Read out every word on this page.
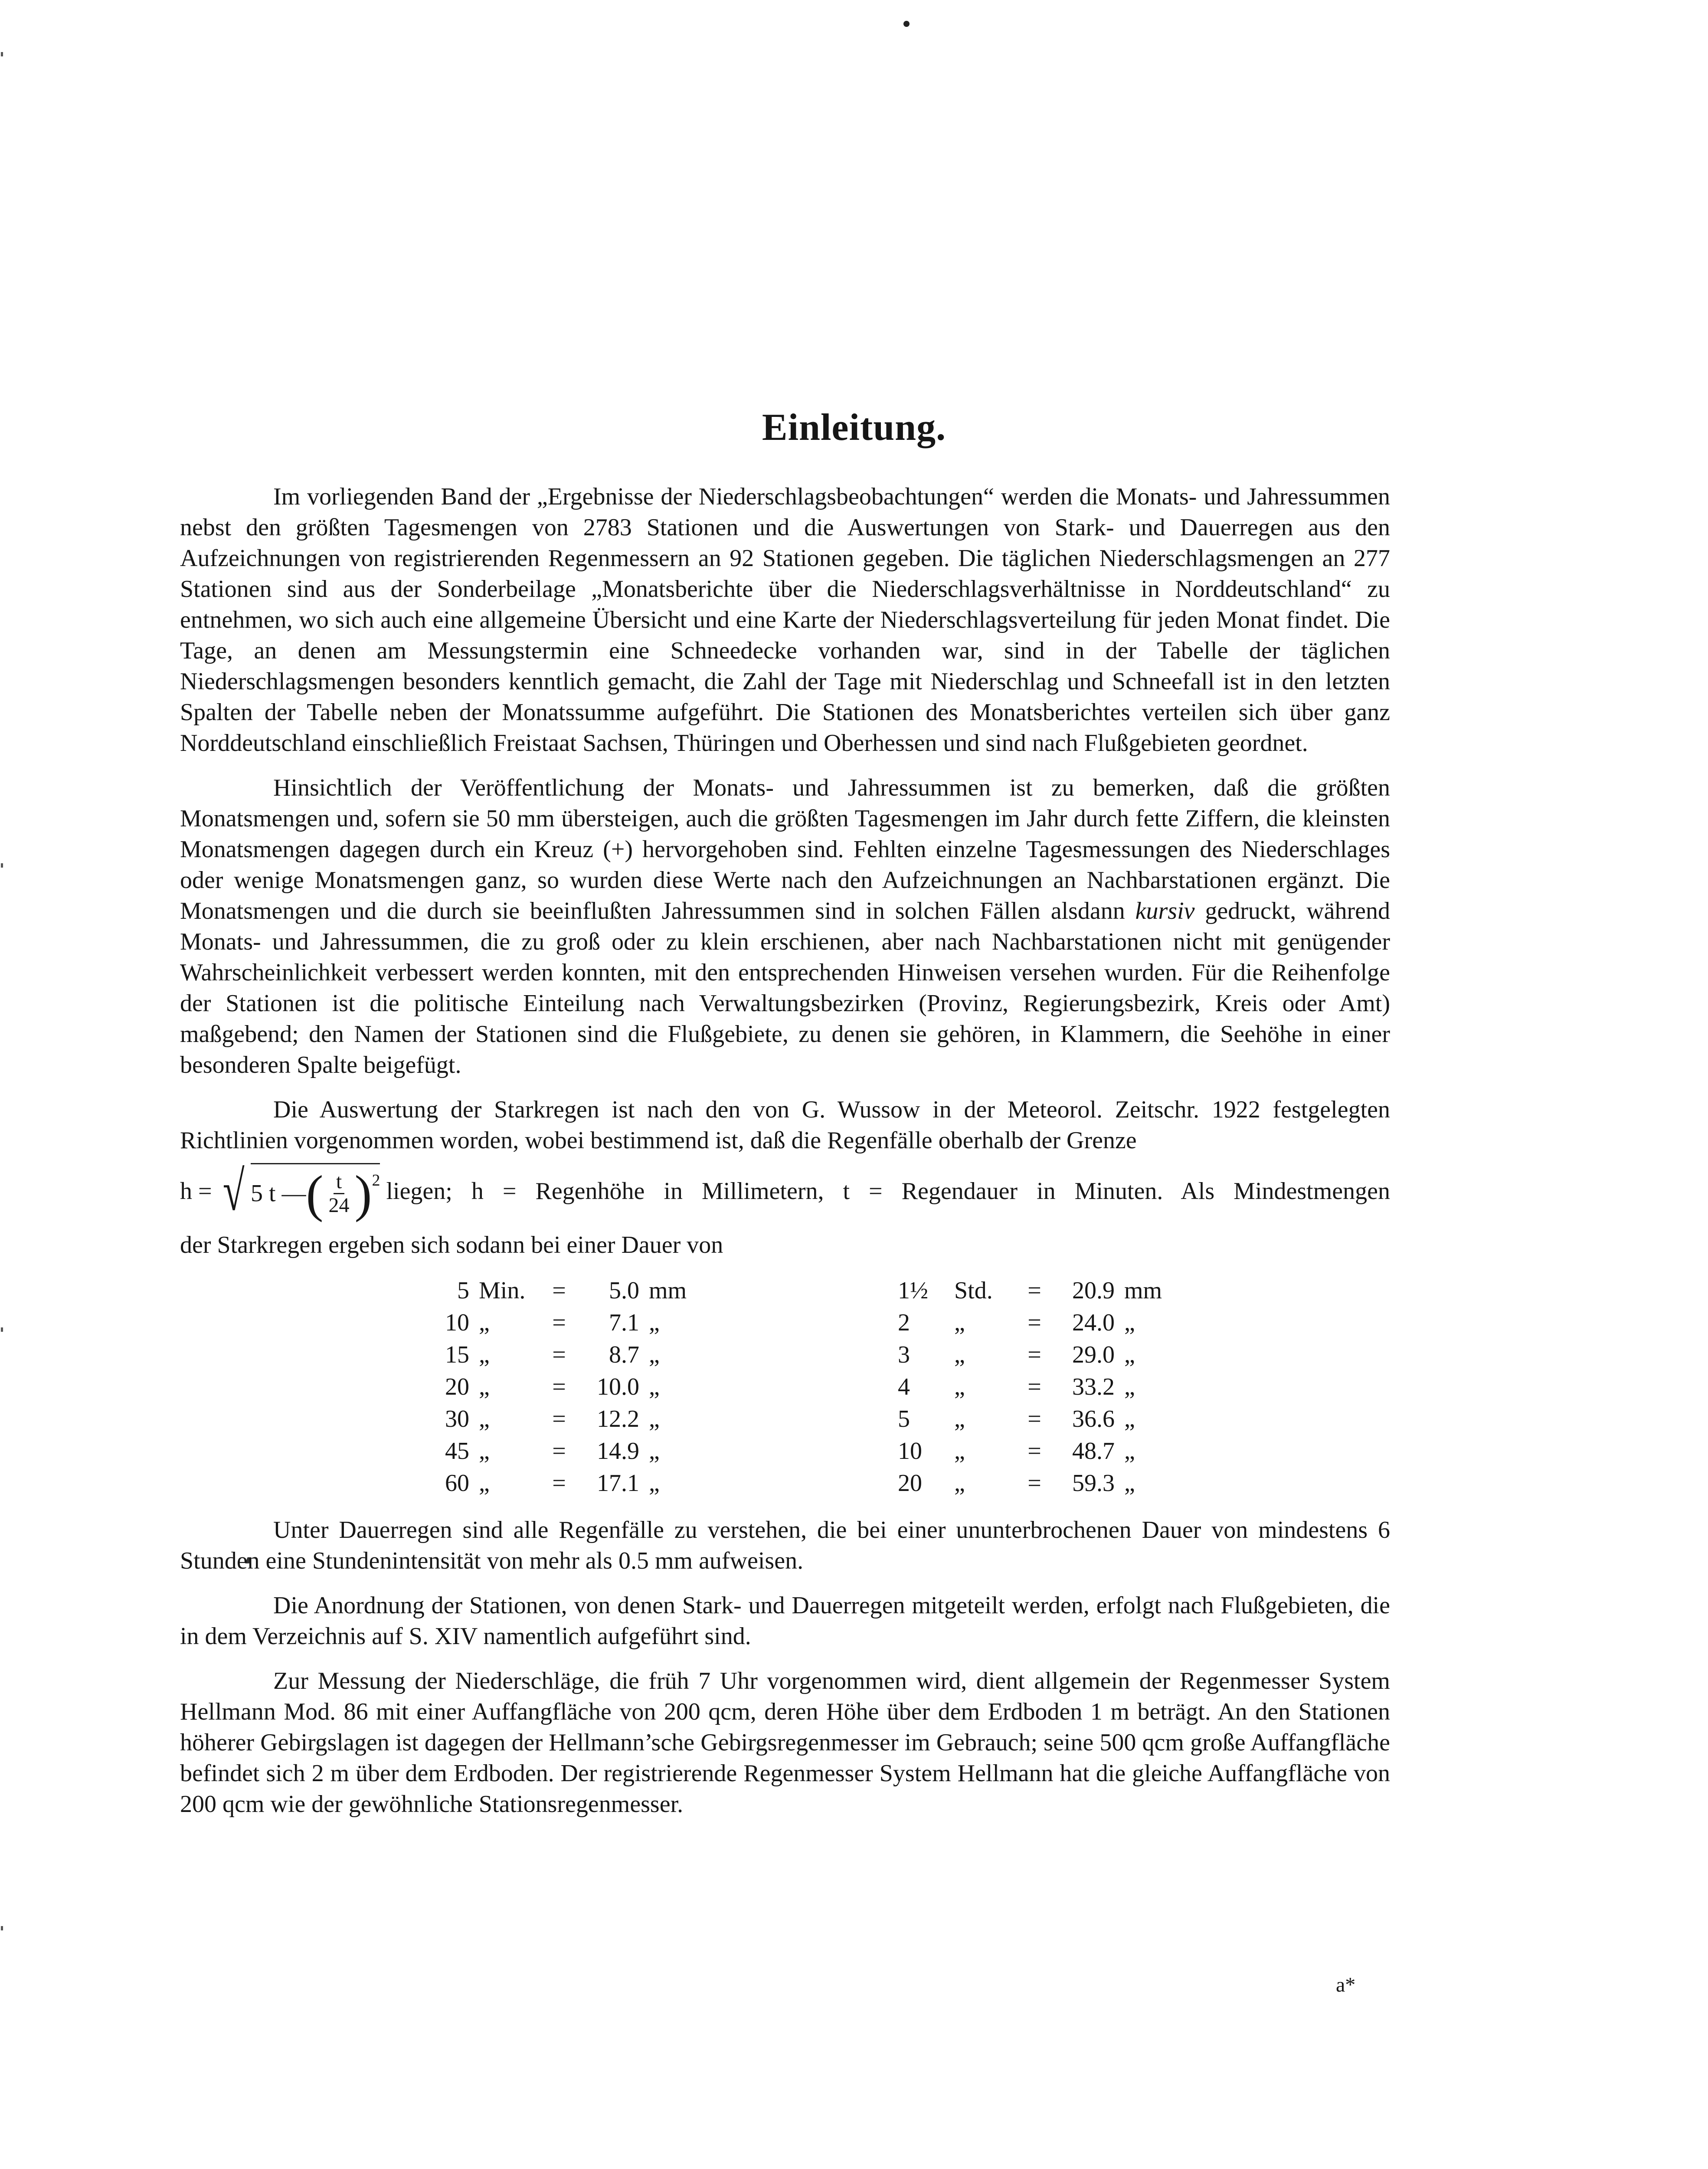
Einleitung.

Im vorliegenden Band der „Ergebnisse der Niederschlagsbeobachtungen“ werden die Monats- und Jahressummen nebst den größten Tagesmengen von 2783 Stationen und die Auswertungen von Stark- und Dauerregen aus den Aufzeichnungen von registrierenden Regenmessern an 92 Stationen gegeben. Die täglichen Niederschlagsmengen an 277 Stationen sind aus der Sonderbeilage „Monatsberichte über die Niederschlagsverhältnisse in Norddeutschland“ zu entnehmen, wo sich auch eine allgemeine Übersicht und eine Karte der Niederschlagsverteilung für jeden Monat findet. Die Tage, an denen am Messungstermin eine Schneedecke vorhanden war, sind in der Tabelle der täglichen Niederschlagsmengen besonders kenntlich gemacht, die Zahl der Tage mit Niederschlag und Schneefall ist in den letzten Spalten der Tabelle neben der Monatssumme aufgeführt. Die Stationen des Monatsberichtes verteilen sich über ganz Norddeutschland einschließlich Freistaat Sachsen, Thüringen und Oberhessen und sind nach Flußgebieten geordnet.

Hinsichtlich der Veröffentlichung der Monats- und Jahressummen ist zu bemerken, daß die größten Monatsmengen und, sofern sie 50 mm übersteigen, auch die größten Tagesmengen im Jahr durch fette Ziffern, die kleinsten Monatsmengen dagegen durch ein Kreuz (+) hervorgehoben sind. Fehlten einzelne Tagesmessungen des Niederschlages oder wenige Monatsmengen ganz, so wurden diese Werte nach den Aufzeichnungen an Nachbarstationen ergänzt. Die Monatsmengen und die durch sie beeinflußten Jahressummen sind in solchen Fällen alsdann kursiv gedruckt, während Monats- und Jahressummen, die zu groß oder zu klein erschienen, aber nach Nachbarstationen nicht mit genügender Wahrscheinlichkeit verbessert werden konnten, mit den entsprechenden Hinweisen versehen wurden. Für die Reihenfolge der Stationen ist die politische Einteilung nach Verwaltungsbezirken (Provinz, Regierungsbezirk, Kreis oder Amt) maßgebend; den Namen der Stationen sind die Flußgebiete, zu denen sie gehören, in Klammern, die Seehöhe in einer besonderen Spalte beigefügt.

Die Auswertung der Starkregen ist nach den von G. Wussow in der Meteorol. Zeitschr. 1922 festgelegten Richtlinien vorgenommen worden, wobei bestimmend ist, daß die Regenfälle oberhalb der Grenze

h = √ 5 t — ( $\frac{t}{24}$ ) 2 liegen; h = Regenhöhe in Millimetern, t = Regendauer in Minuten. Als Mindestmengen

der Starkregen ergeben sich sodann bei einer Dauer von

5 Min.	=	5.0 mm
10 „	=	7.1 „
15 „	=	8.7 „
20 „	=	10.0 „
30 „	=	12.2 „
45 „	=	14.9 „
60 „	=	17.1 „
1½	Std.	=	20.9 mm
2	„	=	24.0 „
3	„	=	29.0 „
4	„	=	33.2 „
5	„	=	36.6 „
10	„	=	48.7 „
20	„	=	59.3 „

Unter Dauerregen sind alle Regenfälle zu verstehen, die bei einer ununterbrochenen Dauer von mindestens 6 Stunden eine Stundenintensität von mehr als 0.5 mm aufweisen.

Die Anordnung der Stationen, von denen Stark- und Dauerregen mitgeteilt werden, erfolgt nach Flußgebieten, die in dem Verzeichnis auf S. XIV namentlich aufgeführt sind.

Zur Messung der Niederschläge, die früh 7 Uhr vorgenommen wird, dient allgemein der Regenmesser System Hellmann Mod. 86 mit einer Auffangfläche von 200 qcm, deren Höhe über dem Erdboden 1 m beträgt. An den Stationen höherer Gebirgslagen ist dagegen der Hellmann’sche Gebirgsregenmesser im Gebrauch; seine 500 qcm große Auffangfläche befindet sich 2 m über dem Erdboden. Der registrierende Regenmesser System Hellmann hat die gleiche Auffangfläche von 200 qcm wie der gewöhnliche Stationsregenmesser.

a*
